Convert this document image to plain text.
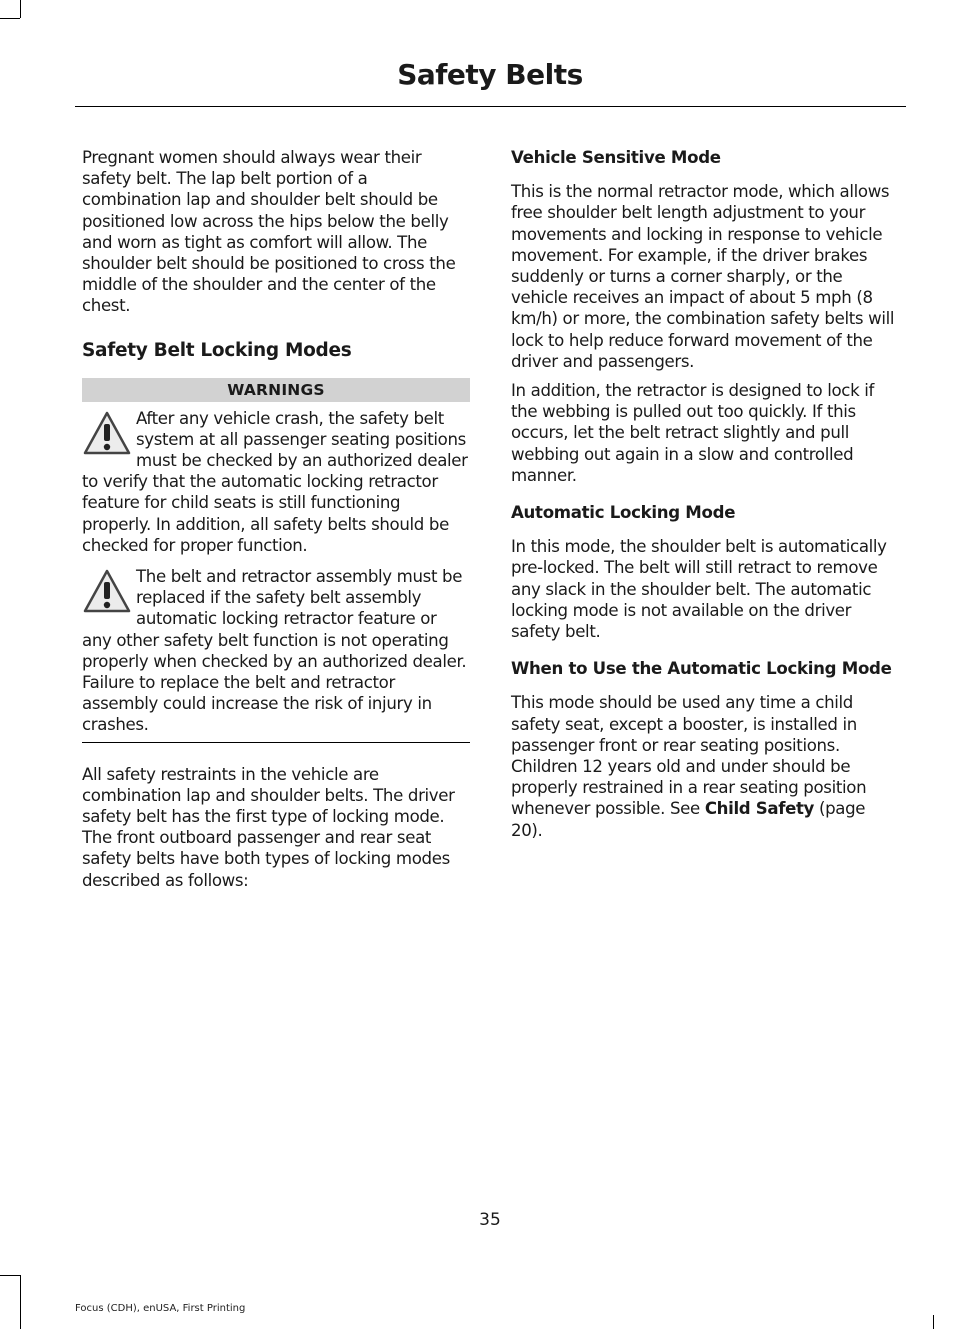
Safety Belts

Pregnant women should always wear their safety belt. The lap belt portion of a combination lap and shoulder belt should be positioned low across the hips below the belly and worn as tight as comfort will allow. The shoulder belt should be positioned to cross the middle of the shoulder and the center of the chest.

Safety Belt Locking Modes
WARNINGS

After any vehicle crash, the safety belt system at all passenger seating positions must be checked by an authorized dealer to verify that the automatic locking retractor feature for child seats is still functioning properly. In addition, all safety belts should be checked for proper function.

The belt and retractor assembly must be replaced if the safety belt assembly automatic locking retractor feature or any other safety belt function is not operating properly when checked by an authorized dealer. Failure to replace the belt and retractor assembly could increase the risk of injury in crashes.

All safety restraints in the vehicle are combination lap and shoulder belts. The driver safety belt has the first type of locking mode. The front outboard passenger and rear seat safety belts have both types of locking modes described as follows:

Vehicle Sensitive Mode

This is the normal retractor mode, which allows free shoulder belt length adjustment to your movements and locking in response to vehicle movement. For example, if the driver brakes suddenly or turns a corner sharply, or the vehicle receives an impact of about 5 mph (8 km/h) or more, the combination safety belts will lock to help reduce forward movement of the driver and passengers.

In addition, the retractor is designed to lock if the webbing is pulled out too quickly. If this occurs, let the belt retract slightly and pull webbing out again in a slow and controlled manner.

Automatic Locking Mode

In this mode, the shoulder belt is automatically pre-locked. The belt will still retract to remove any slack in the shoulder belt. The automatic locking mode is not available on the driver safety belt.

When to Use the Automatic Locking Mode

This mode should be used any time a child safety seat, except a booster, is installed in passenger front or rear seating positions. Children 12 years old and under should be properly restrained in a rear seating position whenever possible. See Child Safety (page 20).

35
Focus (CDH), enUSA, First Printing
